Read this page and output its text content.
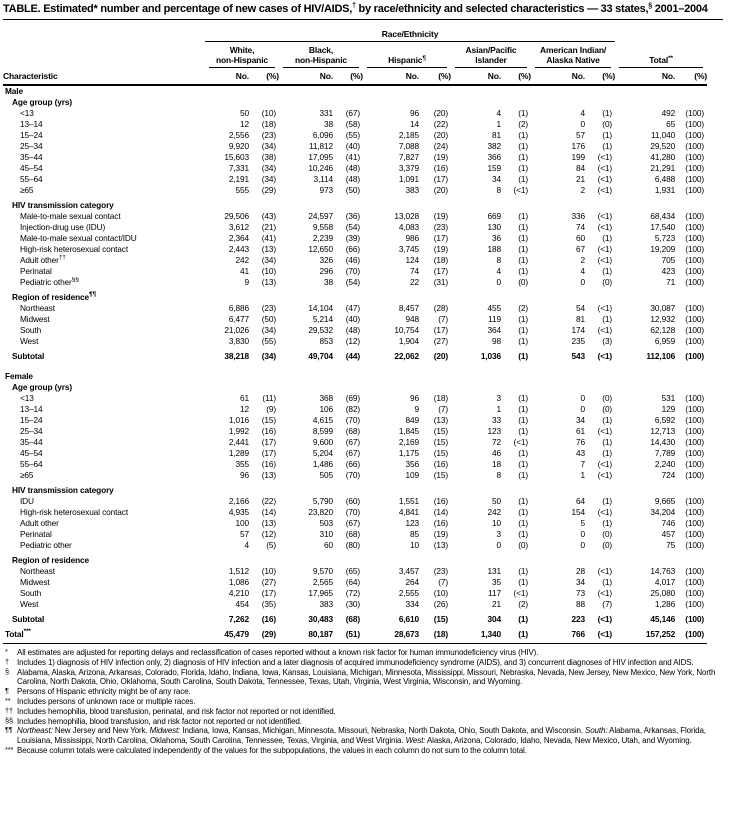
TABLE. Estimated* number and percentage of new cases of HIV/AIDS,† by race/ethnicity and selected characteristics — 33 states,§ 2001–2004
	Race/Ethnicity											

White,
non-Hispanic

Black,
non-Hispanic	Hispanic¶

Asian/Pacific
Islander

American Indian/
Alaska Native	Total**

Characteristic	No.	(%)	No.	(%)	No.	(%)	No.	(%)	No.	(%)	No.	(%)
Male												
Age group (yrs)												
<13	50	(10)	331	(67)	96	(20)	4	(1)	4	(1)	492	(100)
13–14	12	(18)	38	(58)	14	(22)	1	(2)	0	(0)	65	(100)
15–24	2,556	(23)	6,096	(55)	2,185	(20)	81	(1)	57	(1)	11,040	(100)
25–34	9,920	(34)	11,812	(40)	7,088	(24)	382	(1)	176	(1)	29,520	(100)
35–44	15,603	(38)	17,095	(41)	7,827	(19)	366	(1)	199	(<1)	41,280	(100)
45–54	7,331	(34)	10,246	(48)	3,379	(16)	159	(1)	84	(<1)	21,291	(100)
55–64	2,191	(34)	3,114	(48)	1,091	(17)	34	(1)	21	(<1)	6,488	(100)
≥65	555	(29)	973	(50)	383	(20)	8	(<1)	2	(<1)	1,931	(100)
HIV transmission category												
Male-to-male sexual contact	29,506	(43)	24,597	(36)	13,028	(19)	669	(1)	336	(<1)	68,434	(100)
Injection-drug use (IDU)	3,612	(21)	9,558	(54)	4,083	(23)	130	(1)	74	(<1)	17,540	(100)
Male-to-male sexual contact/IDU	2,364	(41)	2,239	(39)	986	(17)	36	(1)	60	(1)	5,723	(100)
High-risk heterosexual contact	2,443	(13)	12,650	(66)	3,745	(19)	188	(1)	67	(<1)	19,209	(100)
Adult other††	242	(34)	326	(46)	124	(18)	8	(1)	2	(<1)	705	(100)
Perinatal	41	(10)	296	(70)	74	(17)	4	(1)	4	(1)	423	(100)
Pediatric other§§	9	(13)	38	(54)	22	(31)	0	(0)	0	(0)	71	(100)
Region of residence¶¶
Northeast	6,886	(23)	14,104	(47)	8,457	(28)	455	(2)	54	(<1)	30,087	(100)
Midwest	6,477	(50)	5,214	(40)	948	(7)	119	(1)	81	(1)	12,932	(100)
South	21,026	(34)	29,532	(48)	10,754	(17)	364	(1)	174	(<1)	62,128	(100)
West	3,830	(55)	853	(12)	1,904	(27)	98	(1)	235	(3)	6,959	(100)
Subtotal	38,218	(34)	49,704	(44)	22,062	(20)	1,036	(1)	543	(<1)	112,106	(100)
Female												
Age group (yrs)												
<13	61	(11)	368	(69)	96	(18)	3	(1)	0	(0)	531	(100)
13–14	12	(9)	106	(82)	9	(7)	1	(1)	0	(0)	129	(100)
15–24	1,016	(15)	4,615	(70)	849	(13)	33	(1)	34	(1)	6,592	(100)
25–34	1,992	(16)	8,599	(68)	1,845	(15)	123	(1)	61	(<1)	12,713	(100)
35–44	2,441	(17)	9,600	(67)	2,169	(15)	72	(<1)	76	(1)	14,430	(100)
45–54	1,289	(17)	5,204	(67)	1,175	(15)	46	(1)	43	(1)	7,789	(100)
55–64	355	(16)	1,486	(66)	356	(16)	18	(1)	7	(<1)	2,240	(100)
≥65	96	(13)	505	(70)	109	(15)	8	(1)	1	(<1)	724	(100)
HIV transmission category												
IDU	2,166	(22)	5,790	(60)	1,551	(16)	50	(1)	64	(1)	9,665	(100)
High-risk heterosexual contact	4,935	(14)	23,820	(70)	4,841	(14)	242	(1)	154	(<1)	34,204	(100)
Adult other	100	(13)	503	(67)	123	(16)	10	(1)	5	(1)	746	(100)
Perinatal	57	(12)	310	(68)	85	(19)	3	(1)	0	(0)	457	(100)
Pediatric other	4	(5)	60	(80)	10	(13)	0	(0)	0	(0)	75	(100)
Region of residence												
Northeast	1,512	(10)	9,570	(65)	3,457	(23)	131	(1)	28	(<1)	14,763	(100)
Midwest	1,086	(27)	2,565	(64)	264	(7)	35	(1)	34	(1)	4,017	(100)
South	4,210	(17)	17,965	(72)	2,555	(10)	117	(<1)	73	(<1)	25,080	(100)
West	454	(35)	383	(30)	334	(26)	21	(2)	88	(7)	1,286	(100)
Subtotal	7,262	(16)	30,483	(68)	6,610	(15)	304	(1)	223	(<1)	45,146	(100)
Total***	45,479	(29)	80,187	(51)	28,673	(18)	1,340	(1)	766	(<1)	157,252	(100)
* All estimates are adjusted for reporting delays and reclassification of cases reported without a known risk factor for human immunodeficiency virus (HIV).
† Includes 1) diagnosis of HIV infection only, 2) diagnosis of HIV infection and a later diagnosis of acquired immunodeficiency syndrome (AIDS), and 3) concurrent diagnoses of HIV infection and AIDS.
§ Alabama, Alaska, Arizona, Arkansas, Colorado, Florida, Idaho, Indiana, Iowa, Kansas, Louisiana, Michigan, Minnesota, Mississippi, Missouri, Nebraska, Nevada, New Jersey, New Mexico, New York, North Carolina, North Dakota, Ohio, Oklahoma, South Carolina, South Dakota, Tennessee, Texas, Utah, Virginia, West Virginia, Wisconsin, and Wyoming.
¶ Persons of Hispanic ethnicity might be of any race.
** Includes persons of unknown race or multiple races.
†† Includes hemophilia, blood transfusion, perinatal, and risk factor not reported or not identified.
§§ Includes hemophilia, blood transfusion, and risk factor not reported or not identified.
¶¶ Northeast: New Jersey and New York. Midwest: Indiana, Iowa, Kansas, Michigan, Minnesota, Missouri, Nebraska, North Dakota, Ohio, South Dakota, and Wisconsin. South: Alabama, Arkansas, Florida, Louisiana, Mississippi, North Carolina, Oklahoma, South Carolina, Tennessee, Texas, Virginia, and West Virginia. West: Alaska, Arizona, Colorado, Idaho, Nevada, New Mexico, Utah, and Wyoming.
*** Because column totals were calculated independently of the values for the subpopulations, the values in each column do not sum to the column total.
